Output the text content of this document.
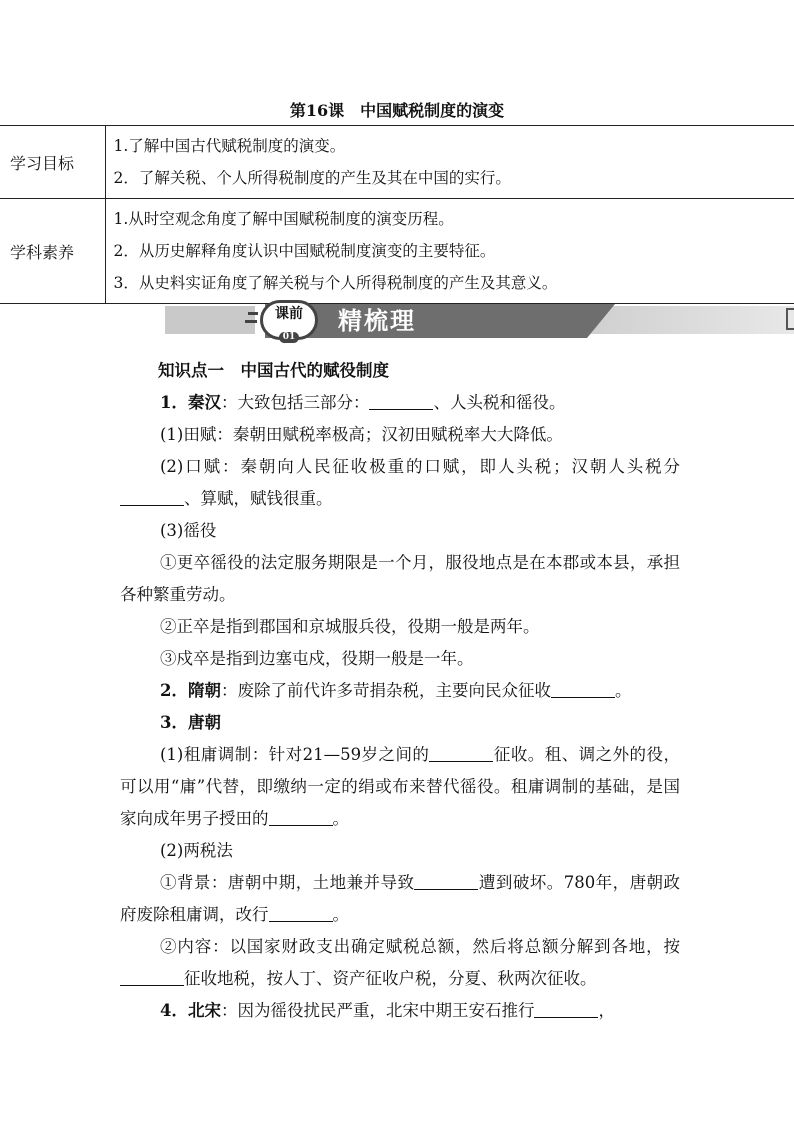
第16课　中国赋税制度的演变
学习目标	1.了解中国古代赋税制度的演变。
2．了解关税、个人所得税制度的产生及其在中国的实行。

学科素养	1.从时空观念角度了解中国赋税制度的演变历程。
2．从历史解释角度认识中国赋税制度演变的主要特征。
3．从史料实证角度了解关税与个人所得税制度的产生及其意义。
课前
01
精梳理

知识点一　中国古代的赋役制度

1．秦汉：大致包括三部分：	、人头税和徭役。

(1)田赋：秦朝田赋税率极高；汉初田赋税率大大降低。

(2)口赋：秦朝向人民征收极重的口赋，即人头税；汉朝人头税分、算赋，赋钱很重。

(3)徭役

①更卒徭役的法定服务期限是一个月，服役地点是在本郡或本县，承担各种繁重劳动。

②正卒是指到郡国和京城服兵役，役期一般是两年。

③戍卒是指到边塞屯戍，役期一般是一年。

2．隋朝：废除了前代许多苛捐杂税，主要向民众征收	。

3．唐朝

(1)租庸调制：针对21—59岁之间的	征收。租、调之外的役，可以用“庸”代替，即缴纳一定的绢或布来替代徭役。租庸调制的基础，是国家向成年男子授田的	。

(2)两税法

①背景：唐朝中期，土地兼并导致	遭到破坏。780年，唐朝政府废除租庸调，改行	。

②内容：以国家财政支出确定赋税总额，然后将总额分解到各地，按征收地税，按人丁、资产征收户税，分夏、秋两次征收。

4．北宋：因为徭役扰民严重，北宋中期王安石推行	，
